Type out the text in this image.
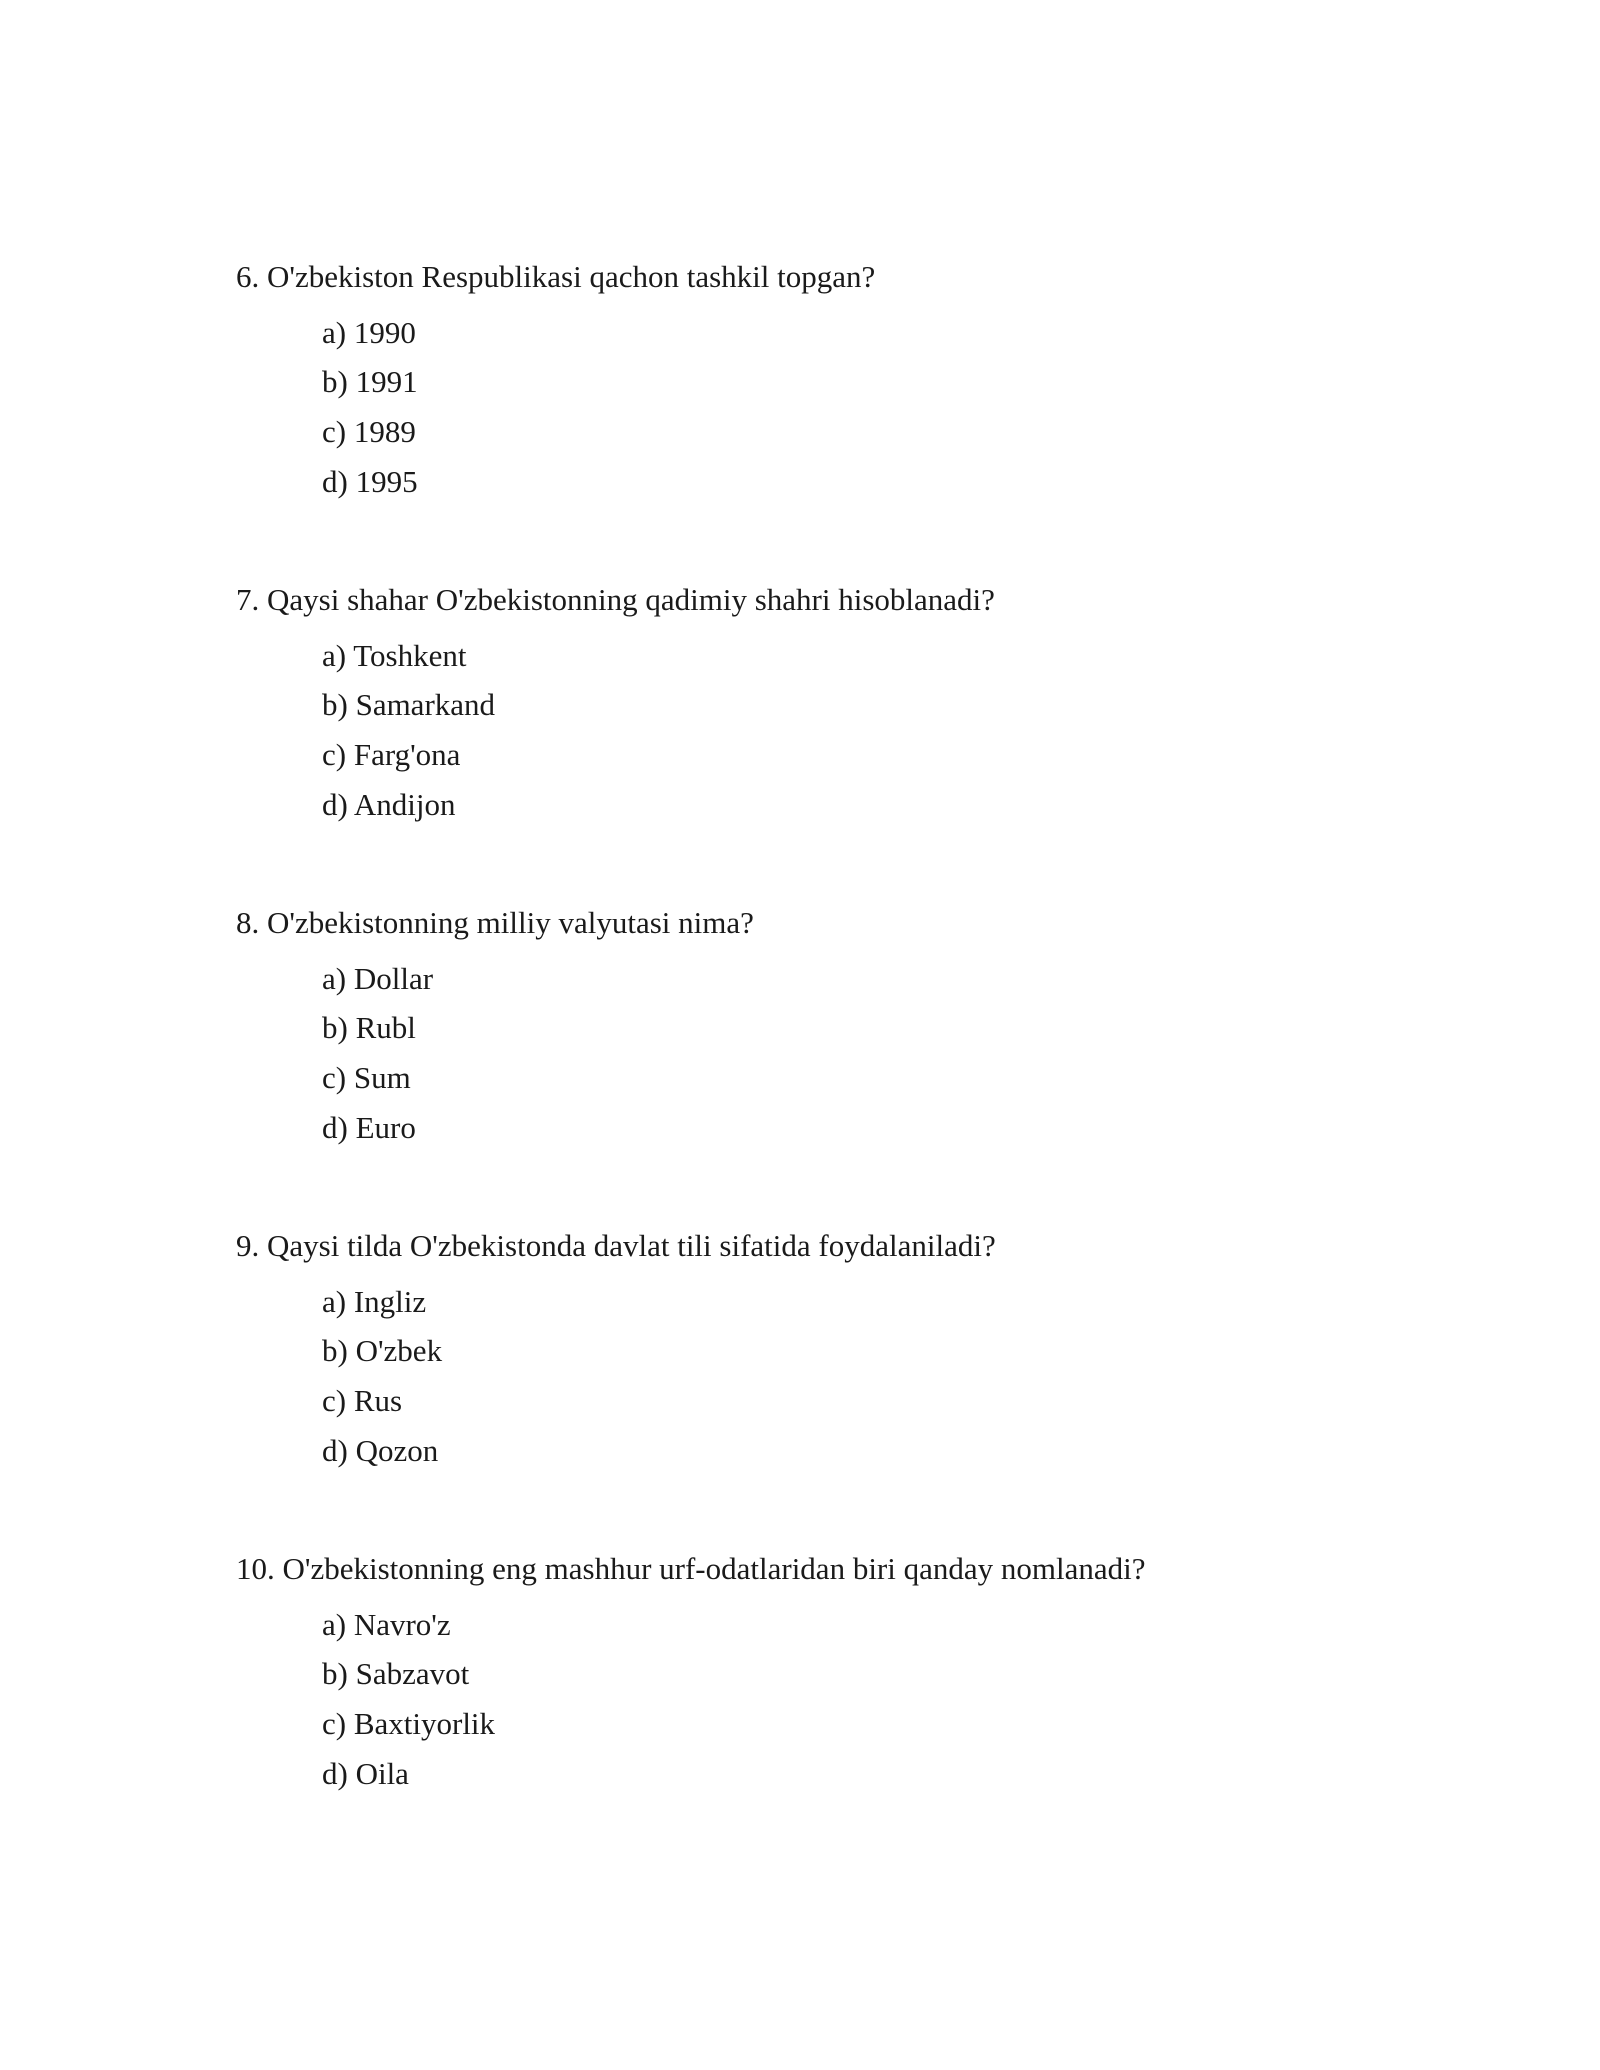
6. O'zbekiston Respublikasi qachon tashkil topgan?
a) 1990
b) 1991
c) 1989
d) 1995
7. Qaysi shahar O'zbekistonning qadimiy shahri hisoblanadi?
a) Toshkent
b) Samarkand
c) Farg'ona
d) Andijon
8. O'zbekistonning milliy valyutasi nima?
a) Dollar
b) Rubl
c) Sum
d) Euro
9. Qaysi tilda O'zbekistonda davlat tili sifatida foydalaniladi?
a) Ingliz
b) O'zbek
c) Rus
d) Qozon
10. O'zbekistonning eng mashhur urf-odatlaridan biri qanday nomlanadi?
a) Navro'z
b) Sabzavot
c) Baxtiyorlik
d) Oila
